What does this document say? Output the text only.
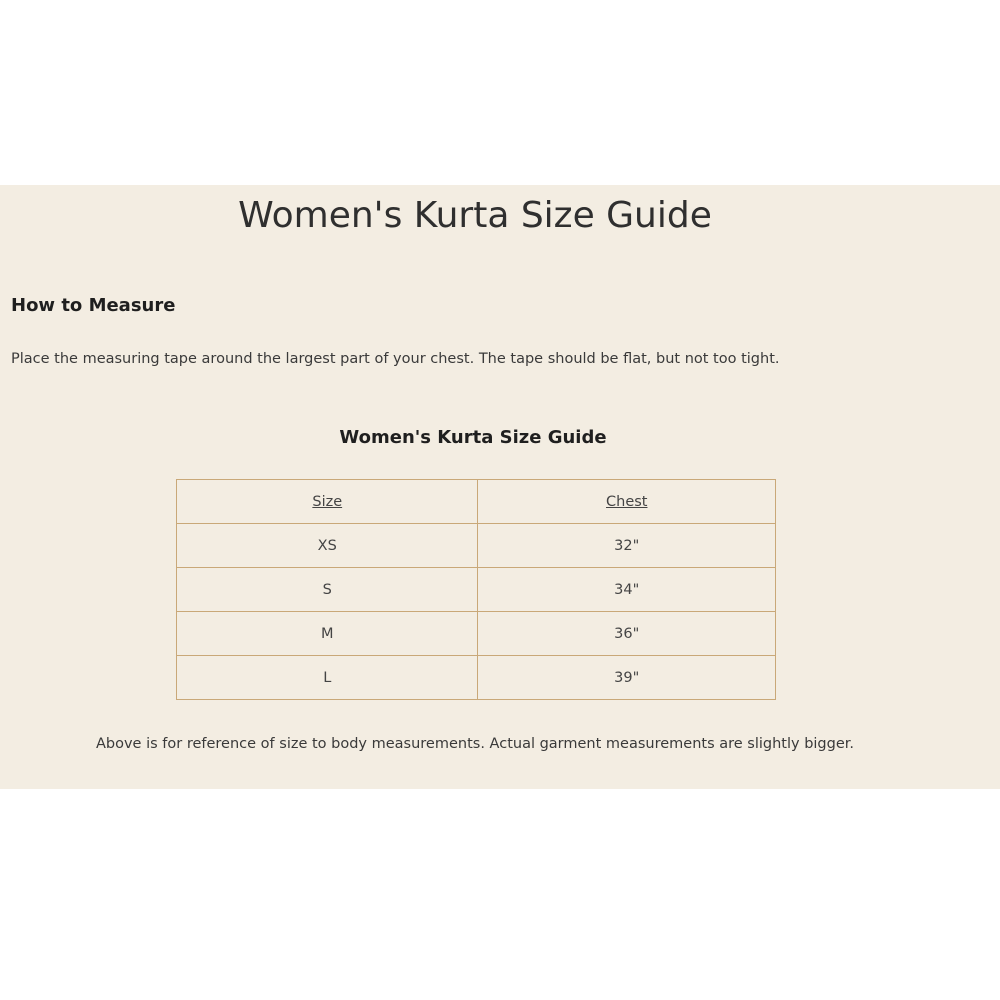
Women's Kurta Size Guide
How to Measure

Place the measuring tape around the largest part of your chest. The tape should be flat, but not too tight.

Women's Kurta Size Guide
Size	Chest
XS	32"
S	34"
M	36"
L	39"

Above is for reference of size to body measurements. Actual garment measurements are slightly bigger.
